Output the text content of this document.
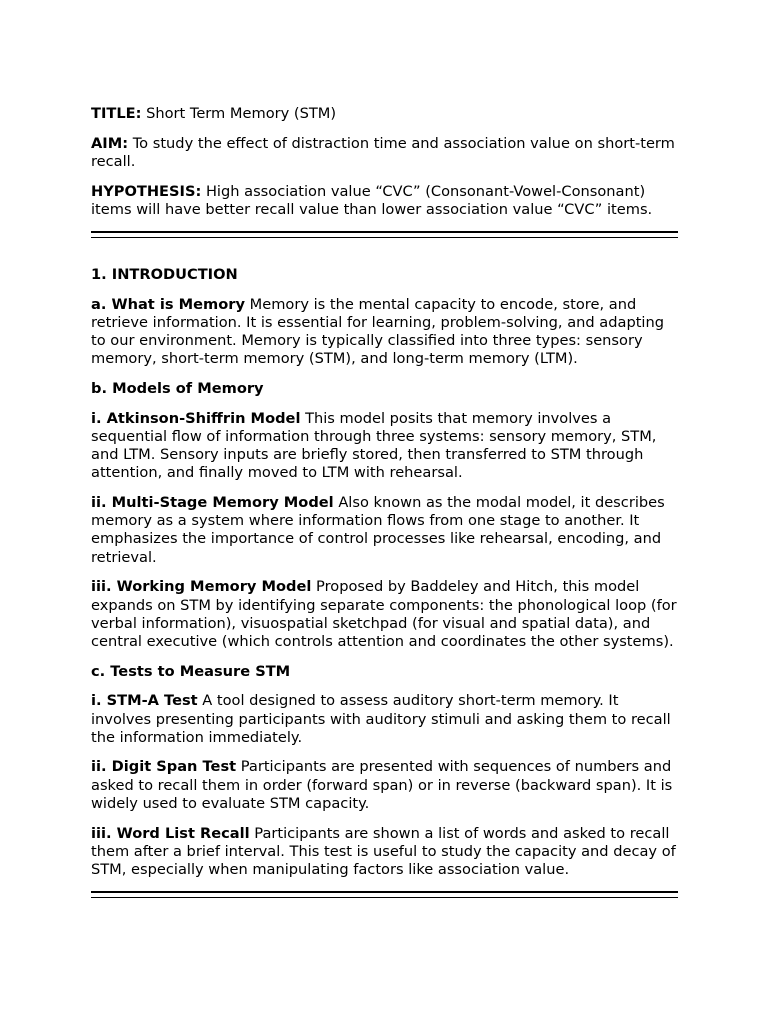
TITLE: Short Term Memory (STM)

AIM: To study the effect of distraction time and association value on short-term recall.

HYPOTHESIS: High association value “CVC” (Consonant-Vowel-Consonant) items will have better recall value than lower association value “CVC” items.

1. INTRODUCTION

a. What is Memory Memory is the mental capacity to encode, store, and retrieve information. It is essential for learning, problem-solving, and adapting to our environment. Memory is typically classified into three types: sensory memory, short-term memory (STM), and long-term memory (LTM).

b. Models of Memory

i. Atkinson-Shiffrin Model This model posits that memory involves a sequential flow of information through three systems: sensory memory, STM, and LTM. Sensory inputs are briefly stored, then transferred to STM through attention, and finally moved to LTM with rehearsal.

ii. Multi-Stage Memory Model Also known as the modal model, it describes memory as a system where information flows from one stage to another. It emphasizes the importance of control processes like rehearsal, encoding, and retrieval.

iii. Working Memory Model Proposed by Baddeley and Hitch, this model expands on STM by identifying separate components: the phonological loop (for verbal information), visuospatial sketchpad (for visual and spatial data), and central executive (which controls attention and coordinates the other systems).

c. Tests to Measure STM

i. STM-A Test A tool designed to assess auditory short-term memory. It involves presenting participants with auditory stimuli and asking them to recall the information immediately.

ii. Digit Span Test Participants are presented with sequences of numbers and asked to recall them in order (forward span) or in reverse (backward span). It is widely used to evaluate STM capacity.

iii. Word List Recall Participants are shown a list of words and asked to recall them after a brief interval. This test is useful to study the capacity and decay of STM, especially when manipulating factors like association value.
